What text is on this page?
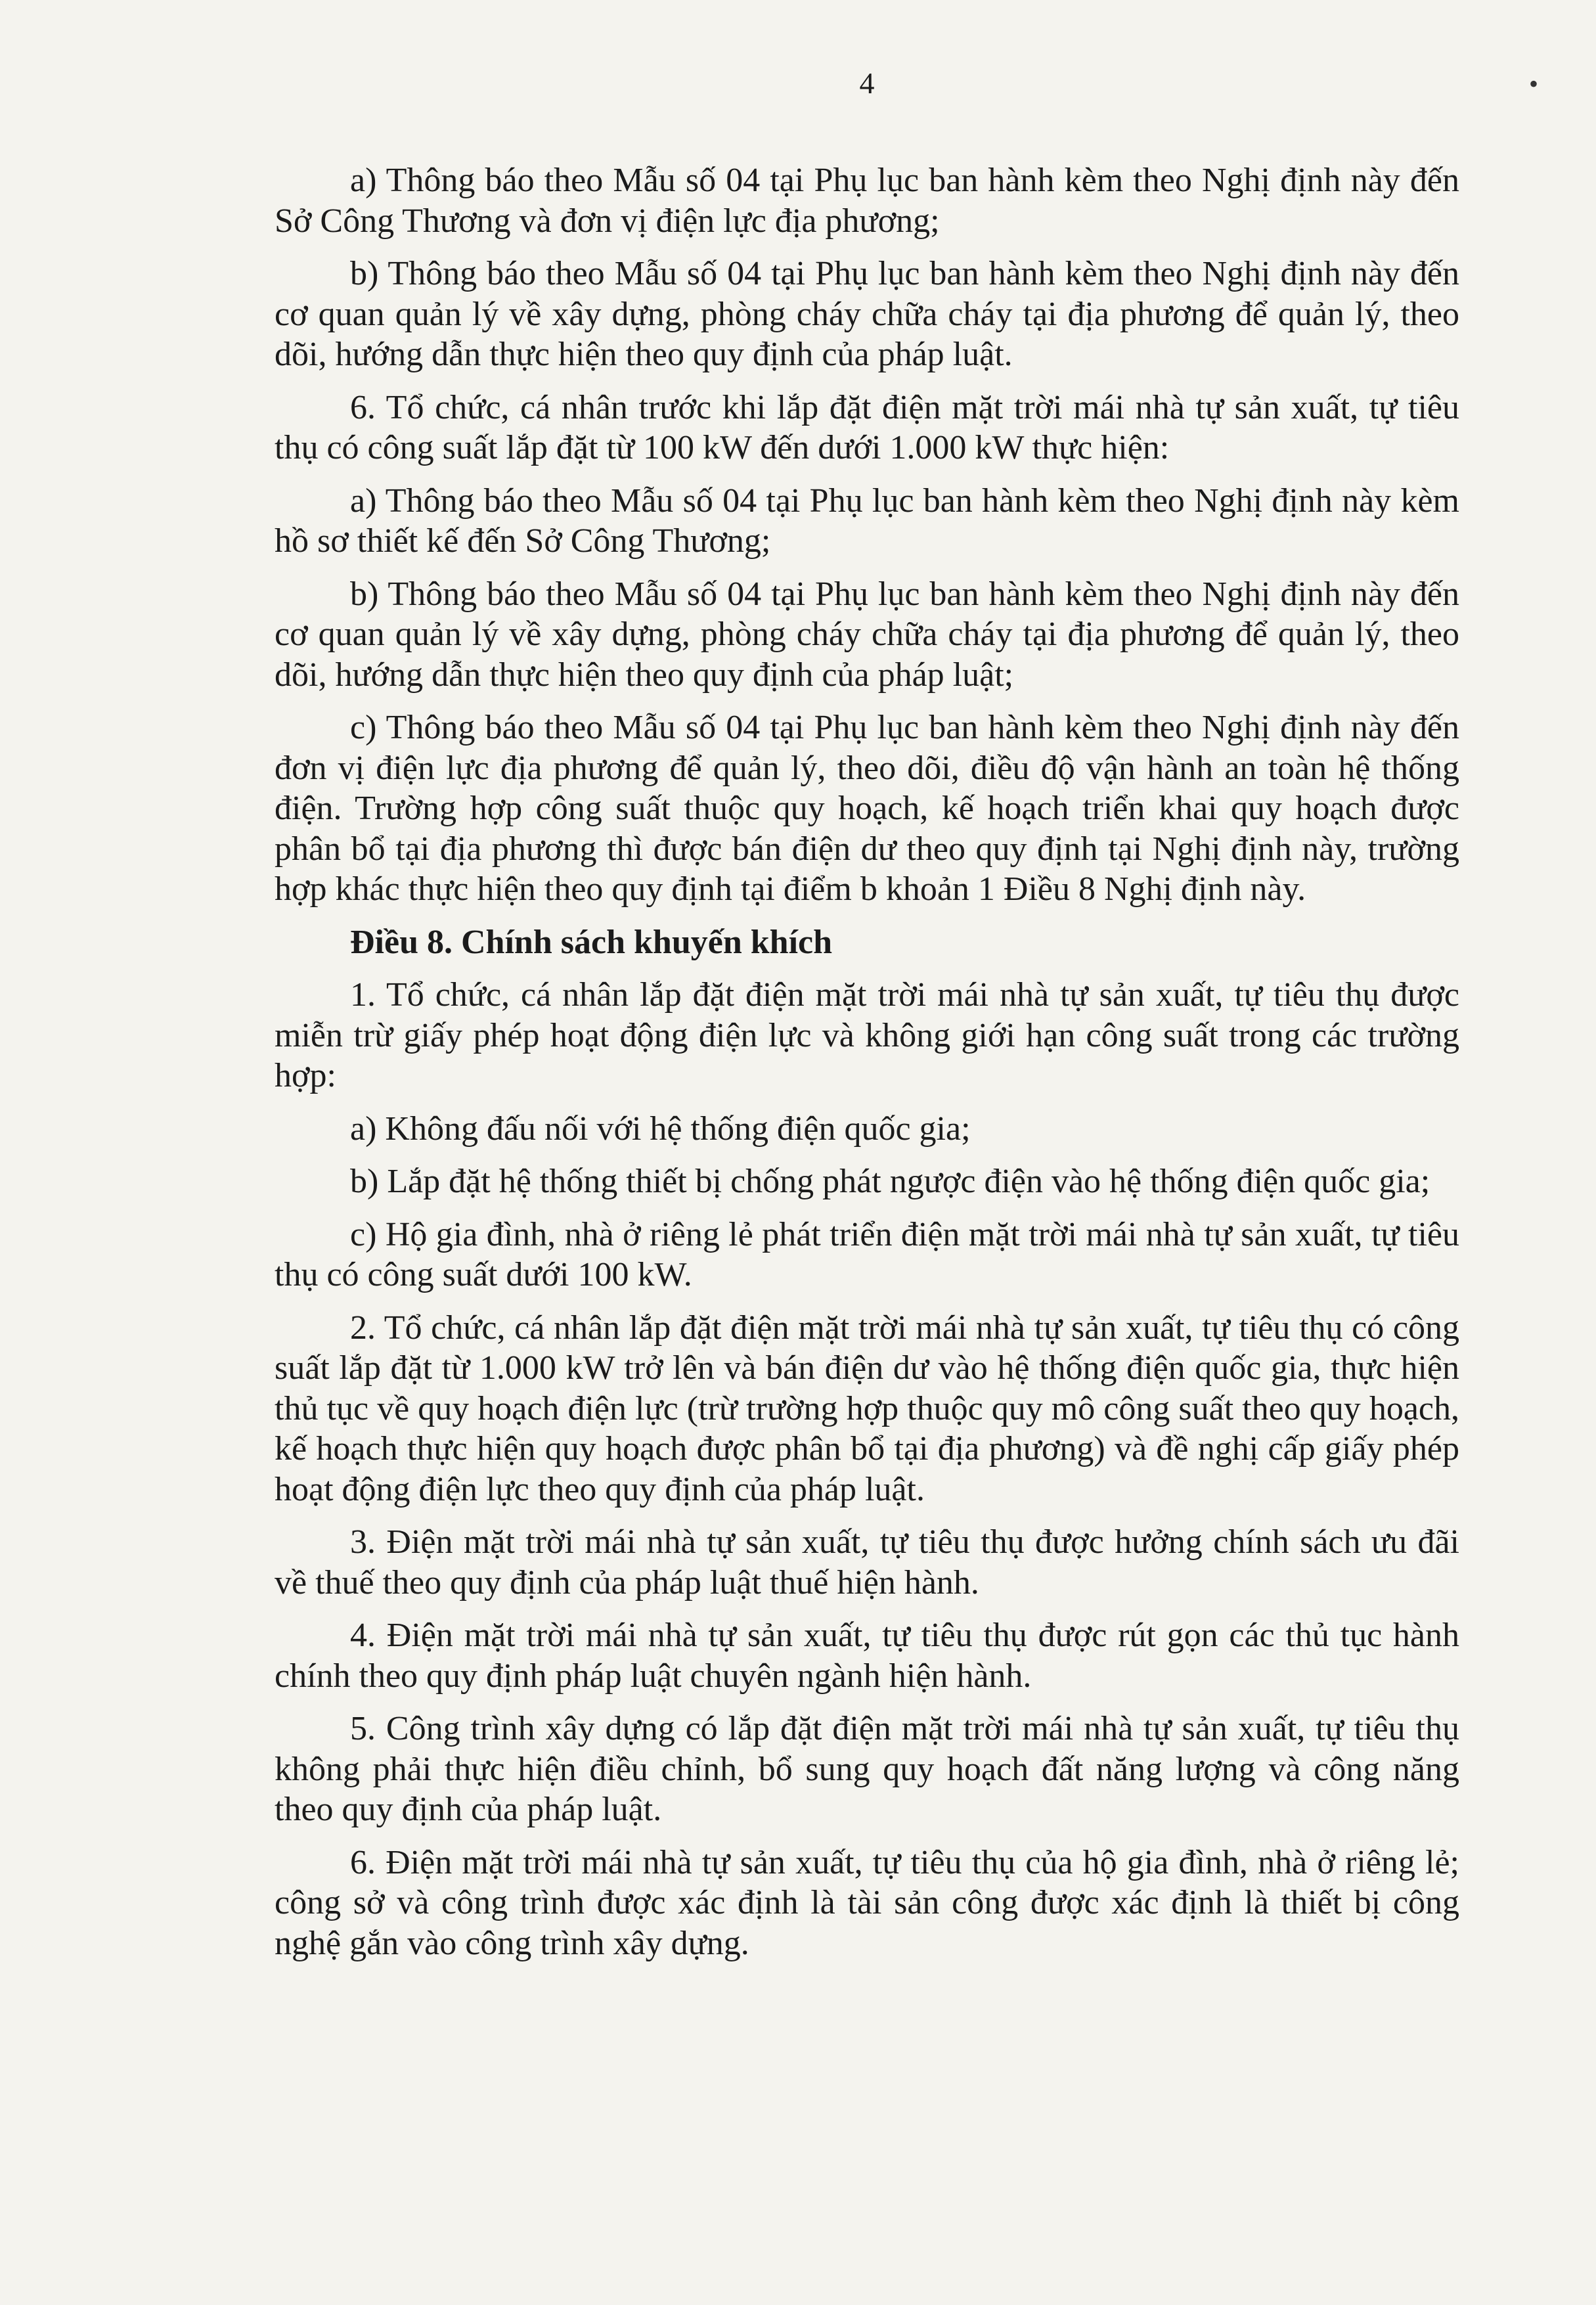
4	•

a) Thông báo theo Mẫu số 04 tại Phụ lục ban hành kèm theo Nghị định này đến Sở Công Thương và đơn vị điện lực địa phương;

b) Thông báo theo Mẫu số 04 tại Phụ lục ban hành kèm theo Nghị định này đến cơ quan quản lý về xây dựng, phòng cháy chữa cháy tại địa phương để quản lý, theo dõi, hướng dẫn thực hiện theo quy định của pháp luật.

6. Tổ chức, cá nhân trước khi lắp đặt điện mặt trời mái nhà tự sản xuất, tự tiêu thụ có công suất lắp đặt từ 100 kW đến dưới 1.000 kW thực hiện:

a) Thông báo theo Mẫu số 04 tại Phụ lục ban hành kèm theo Nghị định này kèm hồ sơ thiết kế đến Sở Công Thương;

b) Thông báo theo Mẫu số 04 tại Phụ lục ban hành kèm theo Nghị định này đến cơ quan quản lý về xây dựng, phòng cháy chữa cháy tại địa phương để quản lý, theo dõi, hướng dẫn thực hiện theo quy định của pháp luật;

c) Thông báo theo Mẫu số 04 tại Phụ lục ban hành kèm theo Nghị định này đến đơn vị điện lực địa phương để quản lý, theo dõi, điều độ vận hành an toàn hệ thống điện. Trường hợp công suất thuộc quy hoạch, kế hoạch triển khai quy hoạch được phân bổ tại địa phương thì được bán điện dư theo quy định tại Nghị định này, trường hợp khác thực hiện theo quy định tại điểm b khoản 1 Điều 8 Nghị định này.

Điều 8. Chính sách khuyến khích

1. Tổ chức, cá nhân lắp đặt điện mặt trời mái nhà tự sản xuất, tự tiêu thụ được miễn trừ giấy phép hoạt động điện lực và không giới hạn công suất trong các trường hợp:

a) Không đấu nối với hệ thống điện quốc gia;

b) Lắp đặt hệ thống thiết bị chống phát ngược điện vào hệ thống điện quốc gia;

c) Hộ gia đình, nhà ở riêng lẻ phát triển điện mặt trời mái nhà tự sản xuất, tự tiêu thụ có công suất dưới 100 kW.

2. Tổ chức, cá nhân lắp đặt điện mặt trời mái nhà tự sản xuất, tự tiêu thụ có công suất lắp đặt từ 1.000 kW trở lên và bán điện dư vào hệ thống điện quốc gia, thực hiện thủ tục về quy hoạch điện lực (trừ trường hợp thuộc quy mô công suất theo quy hoạch, kế hoạch thực hiện quy hoạch được phân bổ tại địa phương) và đề nghị cấp giấy phép hoạt động điện lực theo quy định của pháp luật.

3. Điện mặt trời mái nhà tự sản xuất, tự tiêu thụ được hưởng chính sách ưu đãi về thuế theo quy định của pháp luật thuế hiện hành.

4. Điện mặt trời mái nhà tự sản xuất, tự tiêu thụ được rút gọn các thủ tục hành chính theo quy định pháp luật chuyên ngành hiện hành.

5. Công trình xây dựng có lắp đặt điện mặt trời mái nhà tự sản xuất, tự tiêu thụ không phải thực hiện điều chỉnh, bổ sung quy hoạch đất năng lượng và công năng theo quy định của pháp luật.

6. Điện mặt trời mái nhà tự sản xuất, tự tiêu thụ của hộ gia đình, nhà ở riêng lẻ; công sở và công trình được xác định là tài sản công được xác định là thiết bị công nghệ gắn vào công trình xây dựng.
